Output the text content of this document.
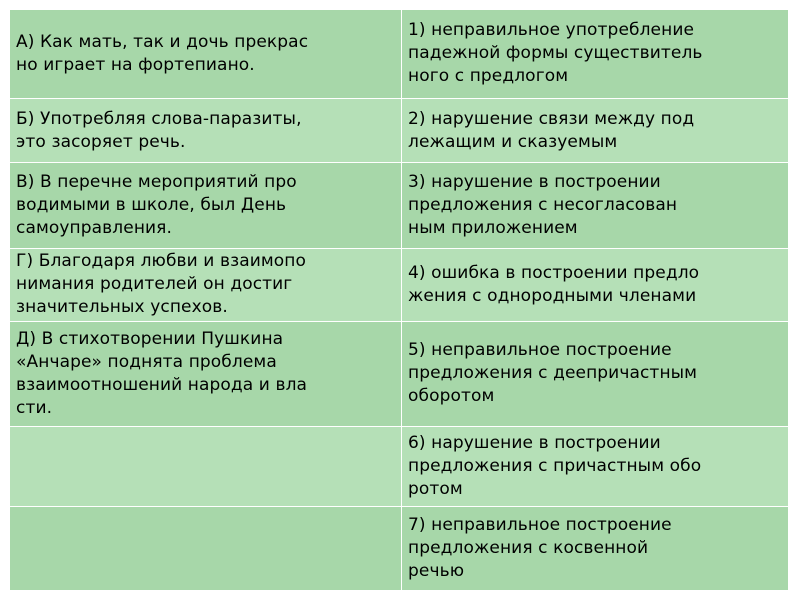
А) Как мать, так и дочь прекрас
но играет на фортепиано.	1) неправильное употребление
падежной формы существитель
ного с предлогом

Б) Употребляя слова-паразиты,
это засоряет речь.	2) нарушение связи между под
лежащим и сказуемым

В) В перечне мероприятий про
водимыми в школе, был День
самоуправления.	3) нарушение в построении
предложения с несогласован
ным приложением

Г) Благодаря любви и взаимопо
нимания родителей он достиг
значительных успехов.	4) ошибка в построении предло
жения с однородными членами

Д) В стихотворении Пушкина
«Анчаре» поднята проблема
взаимоотношений народа и вла
сти.	5) неправильное построение
предложения с деепричастным
оборотом

	6) нарушение в построении
предложения с причастным обо
ротом

	7) неправильное построение
предложения с косвенной
речью
